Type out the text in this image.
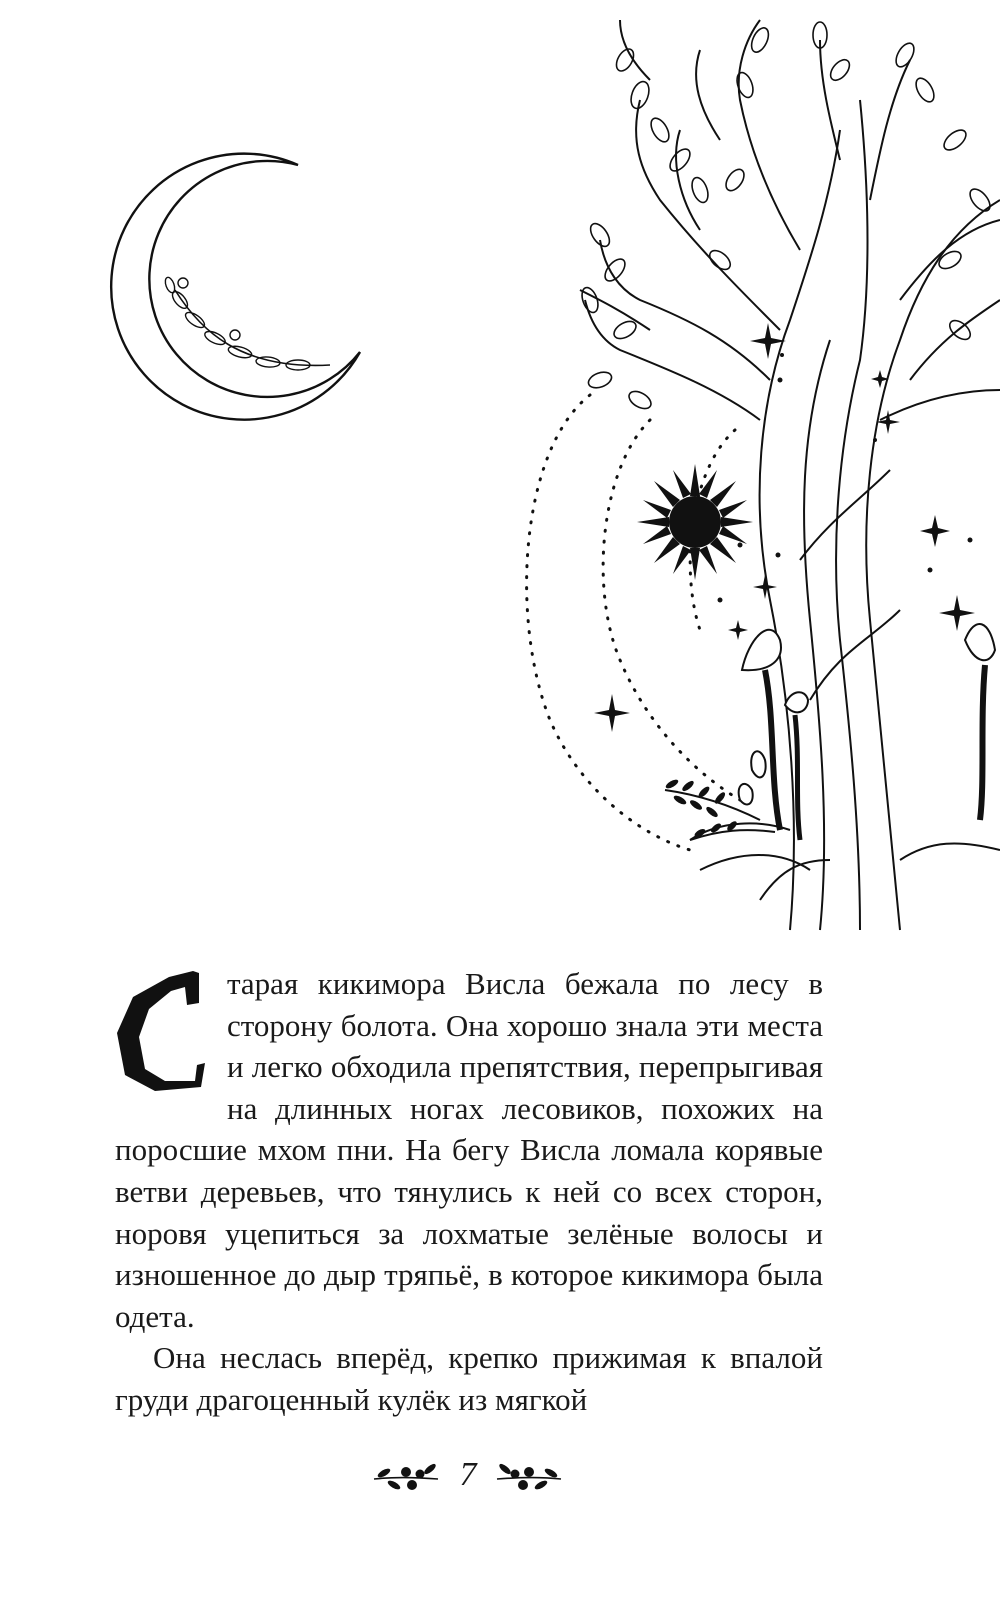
тарая кикимора Висла бежала по лесу в сторону болота. Она хорошо знала эти места и легко обходила препятствия, перепрыгивая на длинных ногах лесовиков, похожих на поросшие мхом пни. На бегу Висла ломала корявые ветви деревьев, что тянулись к ней со всех сторон, норовя уцепиться за лохматые зелёные волосы и изношенное до дыр тряпьё, в которое кикимора была одета.

Она неслась вперёд, крепко прижимая к впалой груди драгоценный кулёк из мягкой

7
